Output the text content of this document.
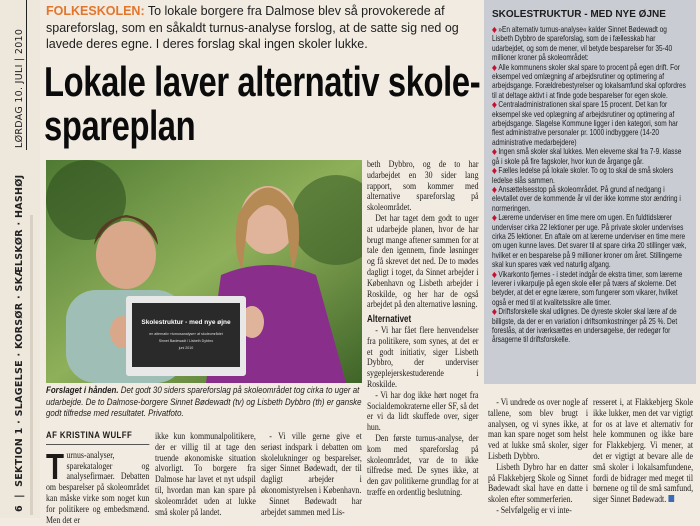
LØRDAG 10. JULI | 2010
6  |  SEKTION 1 · SLAGELSE · KORSØR · SKÆLSKØR · HASHØJ
FOLKESKOLEN: To lokale borgere fra Dalmose blev så provokerede af spareforslag, som en såkaldt turnus-analyse forslog, at de satte sig ned og lavede deres egne. I deres forslag skal ingen skoler lukke.
Lokale laver alternativ skole-spareplan
Skolestruktur - med nye øjne
en alternativ »turnusanalyse« af skoleområdet
Sinnet Bødewadt / Lisbeth Dybbro
juni 2010
Forslaget i hånden. Det godt 30 siders spareforslag på skoleområdet tog cirka to uger at udarbejde. De to Dalmose-borgere Sinnet Bødewadt (tv) og Lisbeth Dybbro (th) er ganske godt tilfredse med resultatet. Privatfoto.
AF KRISTINA WULFF
T urnus-analyser, sparekataloger og analysefirmaer. Debatten om besparelser på skoleområdet kan måske virke som noget kun for politikere og embedsmænd. Men det er
ikke kun kommunalpolitikere, der er villig til at tage den truende økonomiske situation alvorligt. To borgere fra Dalmose har lavet et nyt udspil til, hvordan man kan spare på skoleområdet uden at lukke små skoler på landet.

- Vi ville gerne give et seriøst indspark i debatten om skolelukninger og besparelser, siger Sinnet Bødewadt, der til dagligt arbejder i økonomistyrelsen i København.

Sinnet Bødewadt har arbejdet sammen med Lis-

beth Dybbro, og de to har udarbejdet en 30 sider lang rapport, som kommer med alternative spareforslag på skoleområdet.

Det har taget dem godt to uger at udarbejde planen, hvor de har brugt mange aftener sammen for at tale den igennem, finde løsninger og få skrevet det ned. De to mødes dagligt i toget, da Sinnet arbejder i København og Lisbeth arbejder i Roskilde, og her har de også arbejdet på den alternative løsning.

Alternativet

- Vi har fået flere henvendelser fra politikere, som synes, at det er et godt initiativ, siger Lisbeth Dybbro, der underviser sygeplejerskestuderende i Roskilde.

- Vi har dog ikke hørt noget fra Socialdemokraterne eller SF, så det er vi da lidt skuffede over, siger hun.

Den første turnus-analyse, der kom med spareforslag på skoleområdet, var de to ikke tilfredse med. De synes ikke, at den gav politikerne grundlag for at træffe en ordentlig beslutning.

SKOLESTRUKTUR - MED NYE ØJNE
◆ »En alternativ turnus-analyse« kalder Sinnet Bødewadt og Lisbeth Dybbro de spareforslag, som de i fællesskab har udarbejdet, og som de mener, vil betyde besparelser for 35-40 millioner kroner på skoleområdet:
◆ Alle kommunens skoler skal spare to procent på egen drift. For eksempel ved omlægning af arbejdsrutiner og optimering af arbejdsgange. Forældrebestyrelser og lokalsamfund skal opfordres til at deltage aktivt i at finde gode besparelser for egen skole.
◆ Centraladministrationen skal spare 15 procent. Det kan for eksempel ske ved oplægning af arbejdsrutiner og optimering af arbejdsgange. Slagelse Kommune ligger i den kategori, som har flest administrative personaler pr. 1000 indbyggere (14-20 administrative medarbejdere)
◆ Ingen små skoler skal lukkes. Men eleverne skal fra 7-9. klasse gå i skole på fire fagskoler, hvor kun de årgange går.
◆ Fælles ledelse på lokale skoler. To og to skal de små skolers ledelse slås sammen.
◆ Ansættelsesstop på skoleområdet. På grund af nedgang i elevtallet over de kommende år vil der ikke komme stor ændring i normeringen.
◆ Lærerne underviser en time mere om ugen. En fuldtidslærer underviser cirka 22 lektioner per uge. På private skoler undervises cirka 25 lektioner. En aftale om at lærerne underviser en time mere om ugen kunne laves. Det svarer til at spare cirka 20 stillinger væk, hvilket er en besparelse på 9 millioner kroner om året. Stillingerne skal kun spares væk ved naturlig afgang.
◆ Vikarkonto fjernes - i stedet indgår de ekstra timer, som lærerne leverer i vikarpulje på egen skole eller på tværs af skolerne. Det betyder, at det er egne lærere, som fungerer som vikarer, hvilket også er med til at kvalitetssikre alle timer.
◆ Driftsforskelle skal udlignes. De dyreste skoler skal lære af de billigste, da der er en variation i driftsomkostninger på 25 %. Det foreslås, at der iværksættes en undersøgelse, der redegør for årsagerne til driftsforskelle.

- Vi undrede os over nogle af tallene, som blev brugt i analysen, og vi synes ikke, at man kan spare noget som helst ved at lukke små skoler, siger Lisbeth Dybbro.

Lisbeth Dybro har en datter på Flakkebjerg Skole og Sinnet Bødewadt skal have en datte i skolen efter sommerferien.

- Selvfølgelig er vi inte-

resseret i, at Flakkebjerg Skole ikke lukker, men det var vigtigt for os at lave et alternativ for hele kommunen og ikke bare for Flakkebjerg. Vi mener, at det er vigtigt at bevare alle de små skoler i lokalsamfundene, fordi de bidrager med meget til børnene og til de små samfund, siger Sinnet Bødewadt.
